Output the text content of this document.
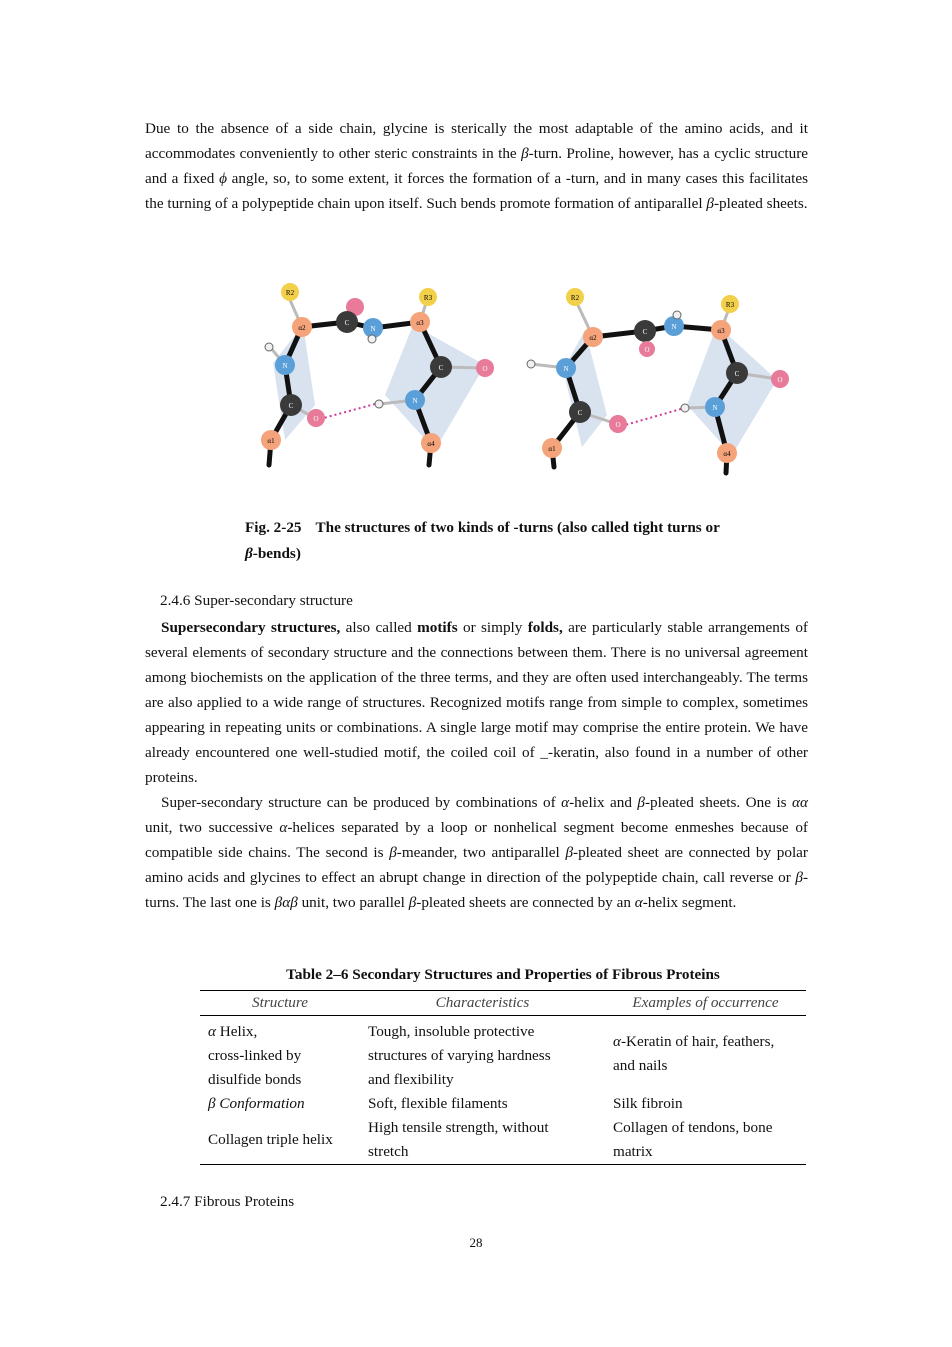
Due to the absence of a side chain, glycine is sterically the most adaptable of the amino acids, and it accommodates conveniently to other steric constraints in the β-turn. Proline, however, has a cyclic structure and a fixed ϕ angle, so, to some extent, it forces the formation of a -turn, and in many cases this facilitates the turning of a polypeptide chain upon itself. Such bends promote formation of antiparallel β-pleated sheets.

R2
R3
α2
α3
α1	α4
C
N
N
C
O
C	O
N
R2
R3
α2
α3
α1
α4
C
O
N
N
C
O
C
O
N
Fig. 2-25 The structures of two kinds of -turns (also called tight turns or
β-bends)
2.4.6 Super-secondary structure

Supersecondary structures, also called motifs or simply folds, are particularly stable arrangements of several elements of secondary structure and the connections between them. There is no universal agreement among biochemists on the application of the three terms, and they are often used interchangeably. The terms are also applied to a wide range of structures. Recognized motifs range from simple to complex, sometimes appearing in repeating units or combinations. A single large motif may comprise the entire protein. We have already encountered one well-studied motif, the coiled coil of _-keratin, also found in a number of other proteins.

Super-secondary structure can be produced by combinations of α-helix and β-pleated sheets. One is αα unit, two successive α-helices separated by a loop or nonhelical segment become enmeshes because of compatible side chains. The second is β-meander, two antiparallel β-pleated sheet are connected by polar amino acids and glycines to effect an abrupt change in direction of the polypeptide chain, call reverse or β-turns. The last one is βαβ unit, two parallel β-pleated sheets are connected by an α-helix segment.

Table 2–6 Secondary Structures and Properties of Fibrous Proteins
Structure	Characteristics	Examples of occurrence
α Helix,
cross-linked by
disulfide bonds	Tough, insoluble protective
structures of varying hardness
and flexibility	α-Keratin of hair, feathers,
and nails
β Conformation	Soft, flexible filaments	Silk fibroin
Collagen triple helix	High tensile strength, without
stretch	Collagen of tendons, bone
matrix
2.4.7 Fibrous Proteins
28
